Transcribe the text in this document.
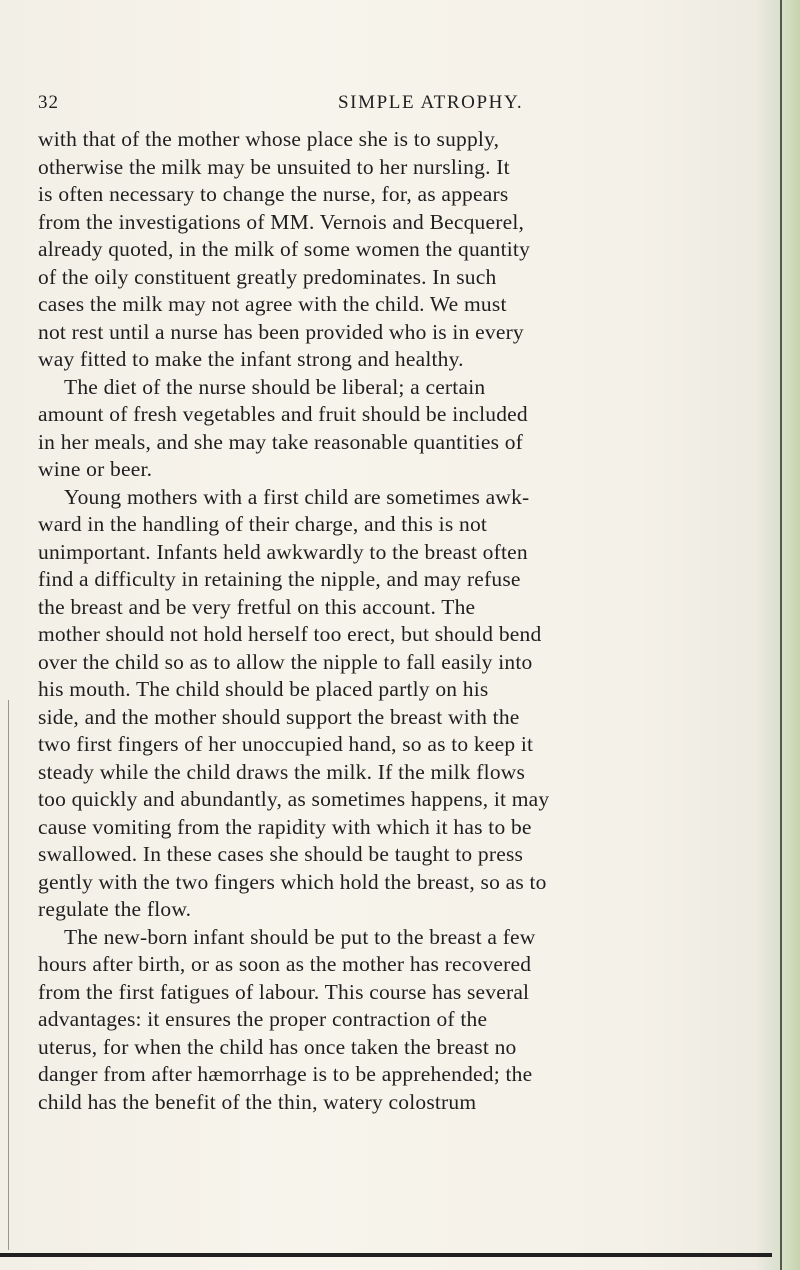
32	SIMPLE ATROPHY.
with that of the mother whose place she is to supply,
otherwise the milk may be unsuited to her nursling. It
is often necessary to change the nurse, for, as appears
from the investigations of MM. Vernois and Becquerel,
already quoted, in the milk of some women the quantity
of the oily constituent greatly predominates. In such
cases the milk may not agree with the child. We must
not rest until a nurse has been provided who is in every
way fitted to make the infant strong and healthy.
The diet of the nurse should be liberal; a certain
amount of fresh vegetables and fruit should be included
in her meals, and she may take reasonable quantities of
wine or beer.
Young mothers with a first child are sometimes awk-
ward in the handling of their charge, and this is not
unimportant. Infants held awkwardly to the breast often
find a difficulty in retaining the nipple, and may refuse
the breast and be very fretful on this account. The
mother should not hold herself too erect, but should bend
over the child so as to allow the nipple to fall easily into
his mouth. The child should be placed partly on his
side, and the mother should support the breast with the
two first fingers of her unoccupied hand, so as to keep it
steady while the child draws the milk. If the milk flows
too quickly and abundantly, as sometimes happens, it may
cause vomiting from the rapidity with which it has to be
swallowed. In these cases she should be taught to press
gently with the two fingers which hold the breast, so as to
regulate the flow.
The new-born infant should be put to the breast a few
hours after birth, or as soon as the mother has recovered
from the first fatigues of labour. This course has several
advantages: it ensures the proper contraction of the
uterus, for when the child has once taken the breast no
danger from after hæmorrhage is to be apprehended; the
child has the benefit of the thin, watery colostrum
